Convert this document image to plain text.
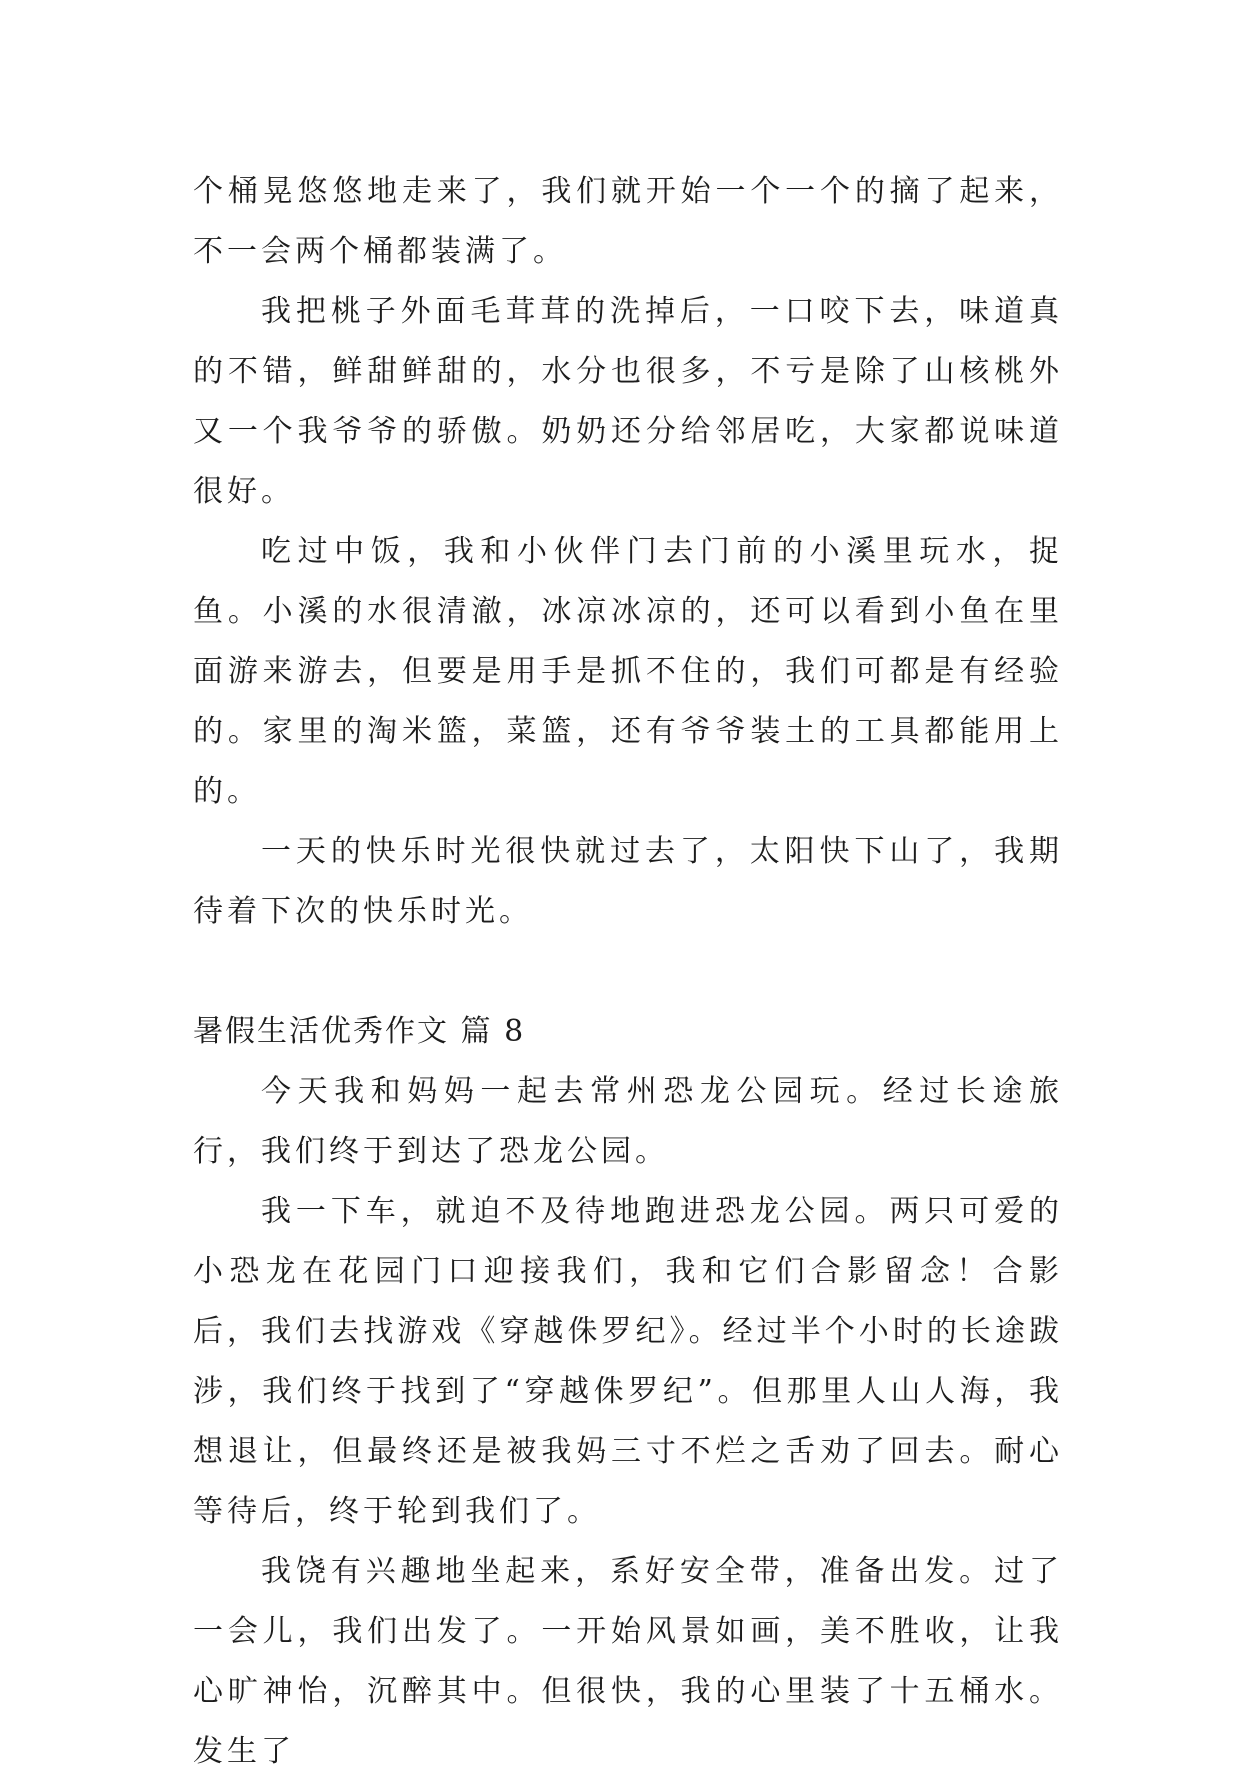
个桶晃悠悠地走来了，我们就开始一个一个的摘了起来，不一会两个桶都装满了。

我把桃子外面毛茸茸的洗掉后，一口咬下去，味道真的不错，鲜甜鲜甜的，水分也很多，不亏是除了山核桃外又一个我爷爷的骄傲。奶奶还分给邻居吃，大家都说味道很好。

吃过中饭，我和小伙伴门去门前的小溪里玩水，捉鱼。小溪的水很清澈，冰凉冰凉的，还可以看到小鱼在里面游来游去，但要是用手是抓不住的，我们可都是有经验的。家里的淘米篮，菜篮，还有爷爷装土的工具都能用上的。

一天的快乐时光很快就过去了，太阳快下山了，我期待着下次的快乐时光。

暑假生活优秀作文 篇 8

今天我和妈妈一起去常州恐龙公园玩。经过长途旅行，我们终于到达了恐龙公园。

我一下车，就迫不及待地跑进恐龙公园。两只可爱的小恐龙在花园门口迎接我们，我和它们合影留念！合影后，我们去找游戏《穿越侏罗纪》。经过半个小时的长途跋涉，我们终于找到了“穿越侏罗纪”。但那里人山人海，我想退让，但最终还是被我妈三寸不烂之舌劝了回去。耐心等待后，终于轮到我们了。

我饶有兴趣地坐起来，系好安全带，准备出发。过了一会儿，我们出发了。一开始风景如画，美不胜收，让我心旷神怡，沉醉其中。但很快，我的心里装了十五桶水。发生了
